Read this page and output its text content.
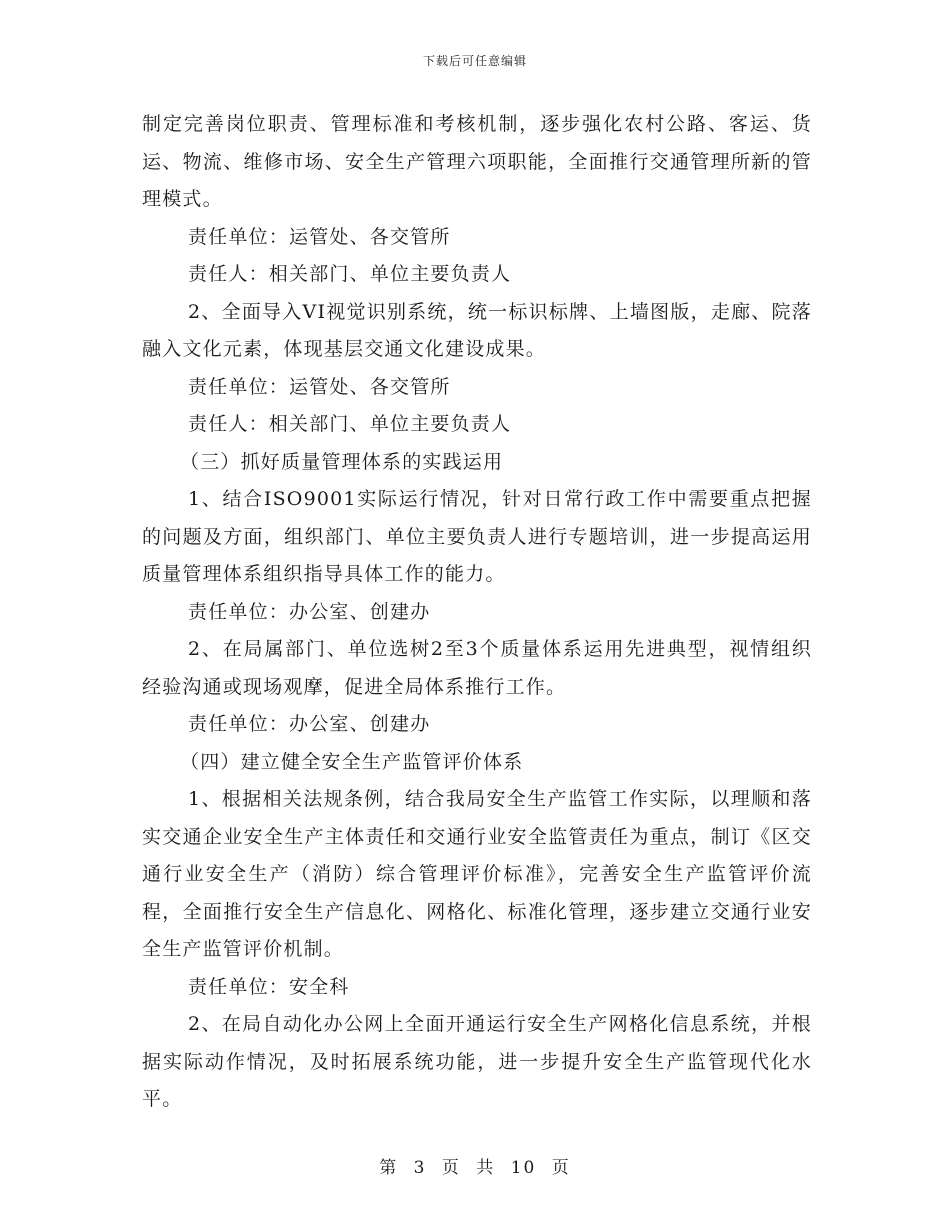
下载后可任意编辑

制定完善岗位职责、管理标准和考核机制，逐步强化农村公路、客运、货运、物流、维修市场、安全生产管理六项职能，全面推行交通管理所新的管理模式。

责任单位：运管处、各交管所

责任人：相关部门、单位主要负责人

2、全面导入VI视觉识别系统，统一标识标牌、上墙图版，走廊、院落融入文化元素，体现基层交通文化建设成果。

责任单位：运管处、各交管所

责任人：相关部门、单位主要负责人

（三）抓好质量管理体系的实践运用

1、结合ISO9001实际运行情况，针对日常行政工作中需要重点把握的问题及方面，组织部门、单位主要负责人进行专题培训，进一步提高运用质量管理体系组织指导具体工作的能力。

责任单位：办公室、创建办

2、在局属部门、单位选树2至3个质量体系运用先进典型，视情组织经验沟通或现场观摩，促进全局体系推行工作。

责任单位：办公室、创建办

（四）建立健全安全生产监管评价体系

1、根据相关法规条例，结合我局安全生产监管工作实际，以理顺和落实交通企业安全生产主体责任和交通行业安全监管责任为重点，制订《区交通行业安全生产（消防）综合管理评价标准》，完善安全生产监管评价流程，全面推行安全生产信息化、网格化、标准化管理，逐步建立交通行业安全生产监管评价机制。

责任单位：安全科

2、在局自动化办公网上全面开通运行安全生产网格化信息系统，并根据实际动作情况，及时拓展系统功能，进一步提升安全生产监管现代化水平。

第 3 页 共 10 页
